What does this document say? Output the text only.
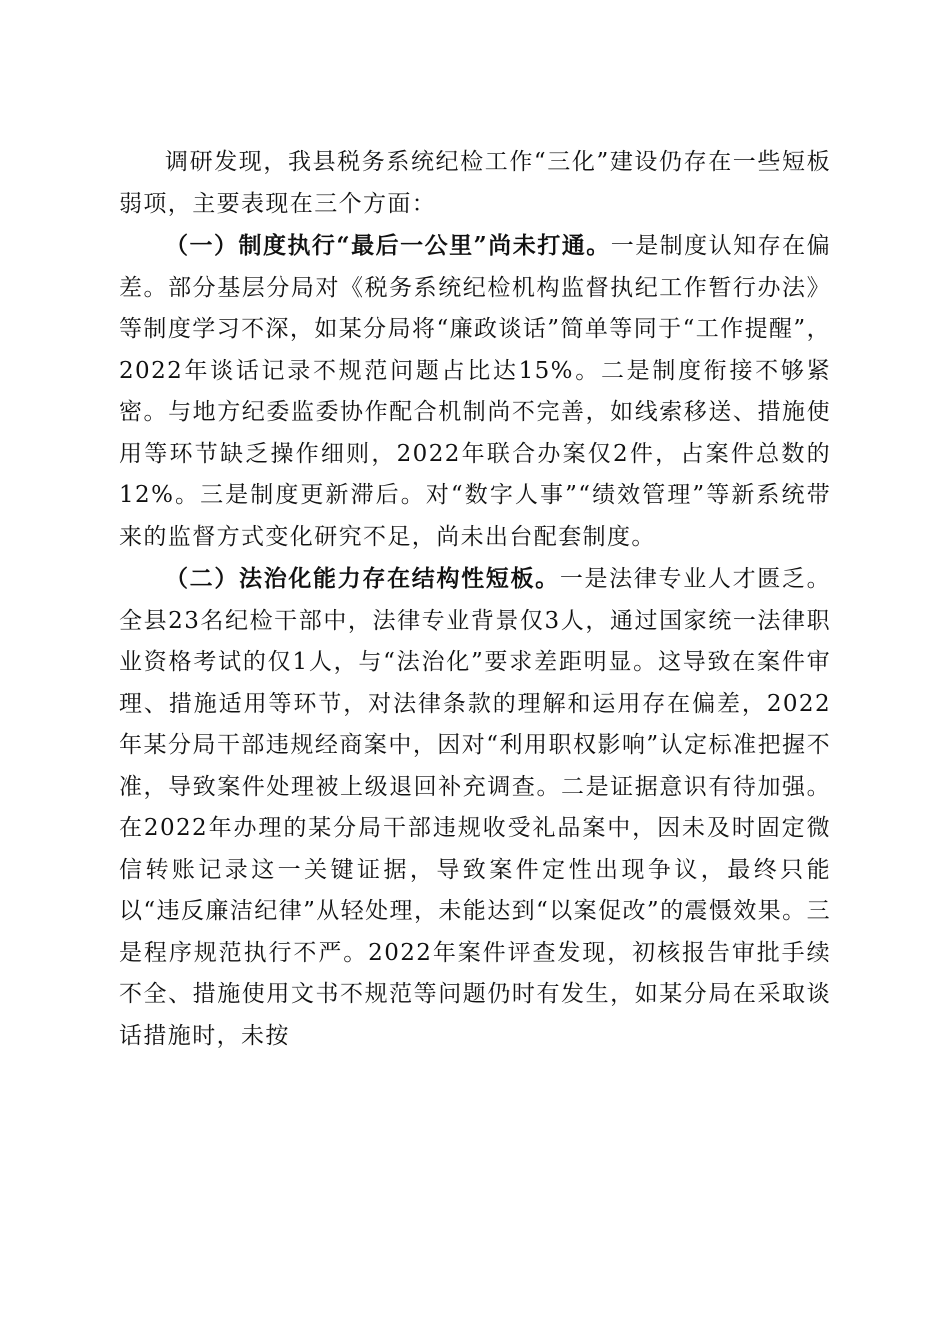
调研发现，我县税务系统纪检工作“三化”建设仍存在一些短板弱项，主要表现在三个方面：

（一）制度执行“最后一公里”尚未打通。一是制度认知存在偏差。部分基层分局对《税务系统纪检机构监督执纪工作暂行办法》等制度学习不深，如某分局将“廉政谈话”简单等同于“工作提醒”，2022年谈话记录不规范问题占比达15%。二是制度衔接不够紧密。与地方纪委监委协作配合机制尚不完善，如线索移送、措施使用等环节缺乏操作细则，2022年联合办案仅2件，占案件总数的12%。三是制度更新滞后。对“数字人事”“绩效管理”等新系统带来的监督方式变化研究不足，尚未出台配套制度。

（二）法治化能力存在结构性短板。一是法律专业人才匮乏。全县23名纪检干部中，法律专业背景仅3人，通过国家统一法律职业资格考试的仅1人，与“法治化”要求差距明显。这导致在案件审理、措施适用等环节，对法律条款的理解和运用存在偏差，2022年某分局干部违规经商案中，因对“利用职权影响”认定标准把握不准，导致案件处理被上级退回补充调查。二是证据意识有待加强。在2022年办理的某分局干部违规收受礼品案中，因未及时固定微信转账记录这一关键证据，导致案件定性出现争议，最终只能以“违反廉洁纪律”从轻处理，未能达到“以案促改”的震慑效果。三是程序规范执行不严。2022年案件评查发现，初核报告审批手续不全、措施使用文书不规范等问题仍时有发生，如某分局在采取谈话措施时，未按
